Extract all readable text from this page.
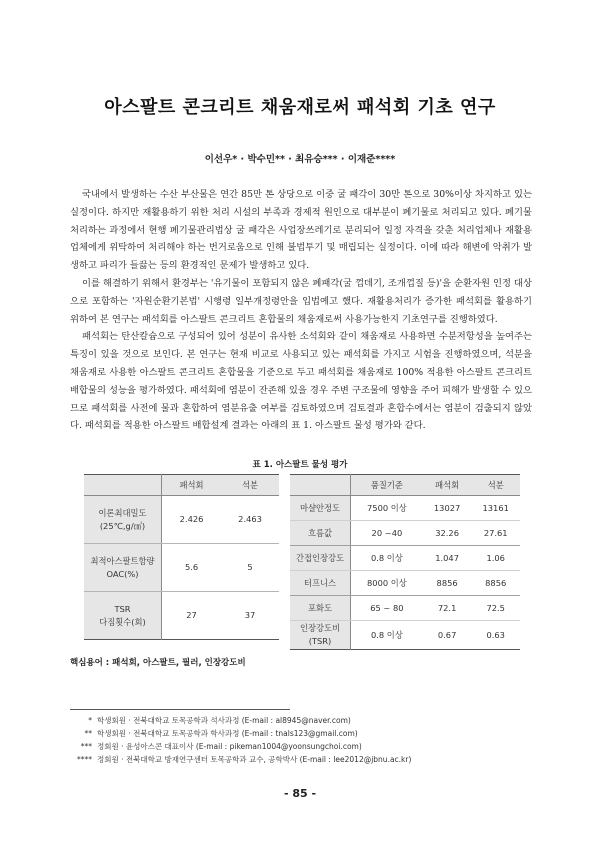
아스팔트 콘크리트 채움재로써 패석회 기초 연구
이선우* · 박수민** · 최유승*** · 이재준****

국내에서 발생하는 수산 부산물은 연간 85만 톤 상당으로 이중 굴 패각이 30만 톤으로 30%이상 차지하고 있는 실정이다. 하지만 재활용하기 위한 처리 시설의 부족과 경제적 원인으로 대부분이 폐기물로 처리되고 있다. 폐기물 처리하는 과정에서 현행 폐기물관리법상 굴 패각은 사업장쓰레기로 분리되어 일정 자격을 갖춘 처리업체나 재활용 업체에게 위탁하여 처리해야 하는 번거로움으로 인해 불법투기 및 매립되는 실정이다. 이에 따라 해변에 악취가 발생하고 파리가 들끓는 등의 환경적인 문제가 발생하고 있다.

이를 해결하기 위해서 환경부는 '유기물이 포함되지 않은 폐패각(굴 껍데기, 조개껍질 등)'을 순환자원 인정 대상으로 포함하는 '자원순환기본법' 시행령 일부개정령안을 입법예고 했다. 재활용처리가 증가한 패석회를 활용하기 위하여 본 연구는 패석회를 아스팔트 콘크리트 혼합물의 채움재로써 사용가능한지 기초연구를 진행하였다.

패석회는 탄산칼슘으로 구성되어 있어 성분이 유사한 소석회와 같이 채움재로 사용하면 수분저항성을 높여주는 특징이 있을 것으로 보인다. 본 연구는 현재 비교로 사용되고 있는 패석회를 가지고 시험을 진행하였으며, 석분을 채움재로 사용한 아스팔트 콘크리트 혼합물을 기준으로 두고 패석회를 채움재로 100% 적용한 아스팔트 콘크리트 배합물의 성능을 평가하였다. 패석회에 염분이 잔존해 있을 경우 주변 구조물에 영향을 주어 피해가 발생할 수 있으므로 패석회를 사전에 물과 혼합하여 염분유출 여부를 검토하였으며 검토결과 혼합수에서는 염분이 검출되지 않았다. 패석회를 적용한 아스팔트 배합설계 결과는 아래의 표 1. 아스팔트 물성 평가와 같다.

표 1. 아스팔트 물성 평가
	패석회	석분
이론최대밀도
(25℃,g/㎤)	2.426	2.463
최적아스팔트함량
OAC(%)	5.6	5
TSR
다짐횟수(회)	27	37
	품질기준	패석회	석분
마샬안정도	7500 이상	13027	13161
흐름값	20 ~40	32.26	27.61
간접인장강도	0.8 이상	1.047	1.06
터프니스	8000 이상	8856	8856
포화도	65 ~ 80	72.1	72.5
인장강도비
(TSR)	0.8 이상	0.67	0.63
핵심용어 : 패석회, 아스팔트, 필러, 인장강도비
* 학생회원 · 전북대학교 토목공학과 석사과정 (E-mail : al8945@naver.com)
** 학생회원 · 전북대학교 토목공학과 학사과정 (E-mail : tnals123@gmail.com)
*** 정회원 · 윤성아스콘 대표이사 (E-mail : pikeman1004@yoonsungchoi.com)
**** 정회원 · 전북대학교 방재연구센터 토목공학과 교수, 공학박사 (E-mail : lee2012@jbnu.ac.kr)
- 85 -
